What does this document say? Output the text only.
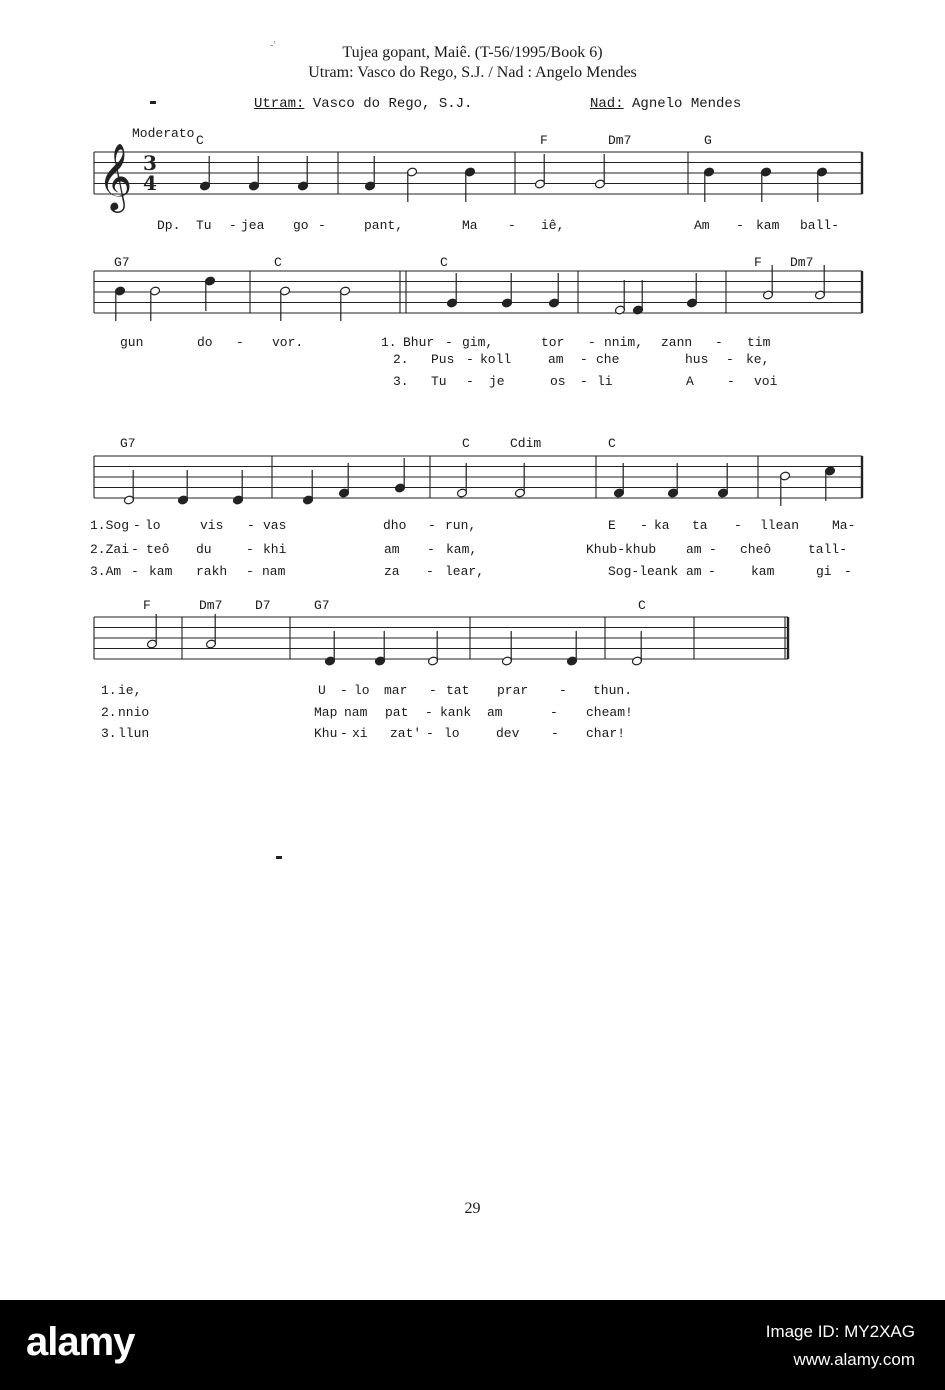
-'	Tujea gopant, Maiê. (T-56/1995/Book 6)
Utram: Vasco do Rego, S.J. / Nad : Angelo Mendes
Utram: Vasco do Rego, S.J.	Nad: Agnelo Mendes
𝄞 3
4
Moderato C	F	Dm7	G
G7	C	C	F Dm7
G7	C	Cdim	C
F	Dm7	D7	G7	C
Dp. Tu - jea go -	pant,	Ma - iê,	Am - kam ball-
gun	do - vor.	1. Bhur - gim,	tor - nnim, zann - tim
2. Pus - koll	am - che	hus - ke,
3. Tu - je	os - li	A	- voi
1.Sog - lo	vis - vas	dho - run,	E - ka ta - llean	Ma-
2.Zai - teô du	- khi	am - kam,	Khub-khub am - cheô	tall-
3.Am - kam rakh - nam	za - lear,	Sog-leank am -	kam	gi -
1. ie,	U - lo mar - tat prar - thun.
2. nnio	Map nam pat - kank am	- cheam!
3. llun	Khu - xi zat' - lo	dev - char!
29
alamy	Image ID: MY2XAG
www.alamy.com
